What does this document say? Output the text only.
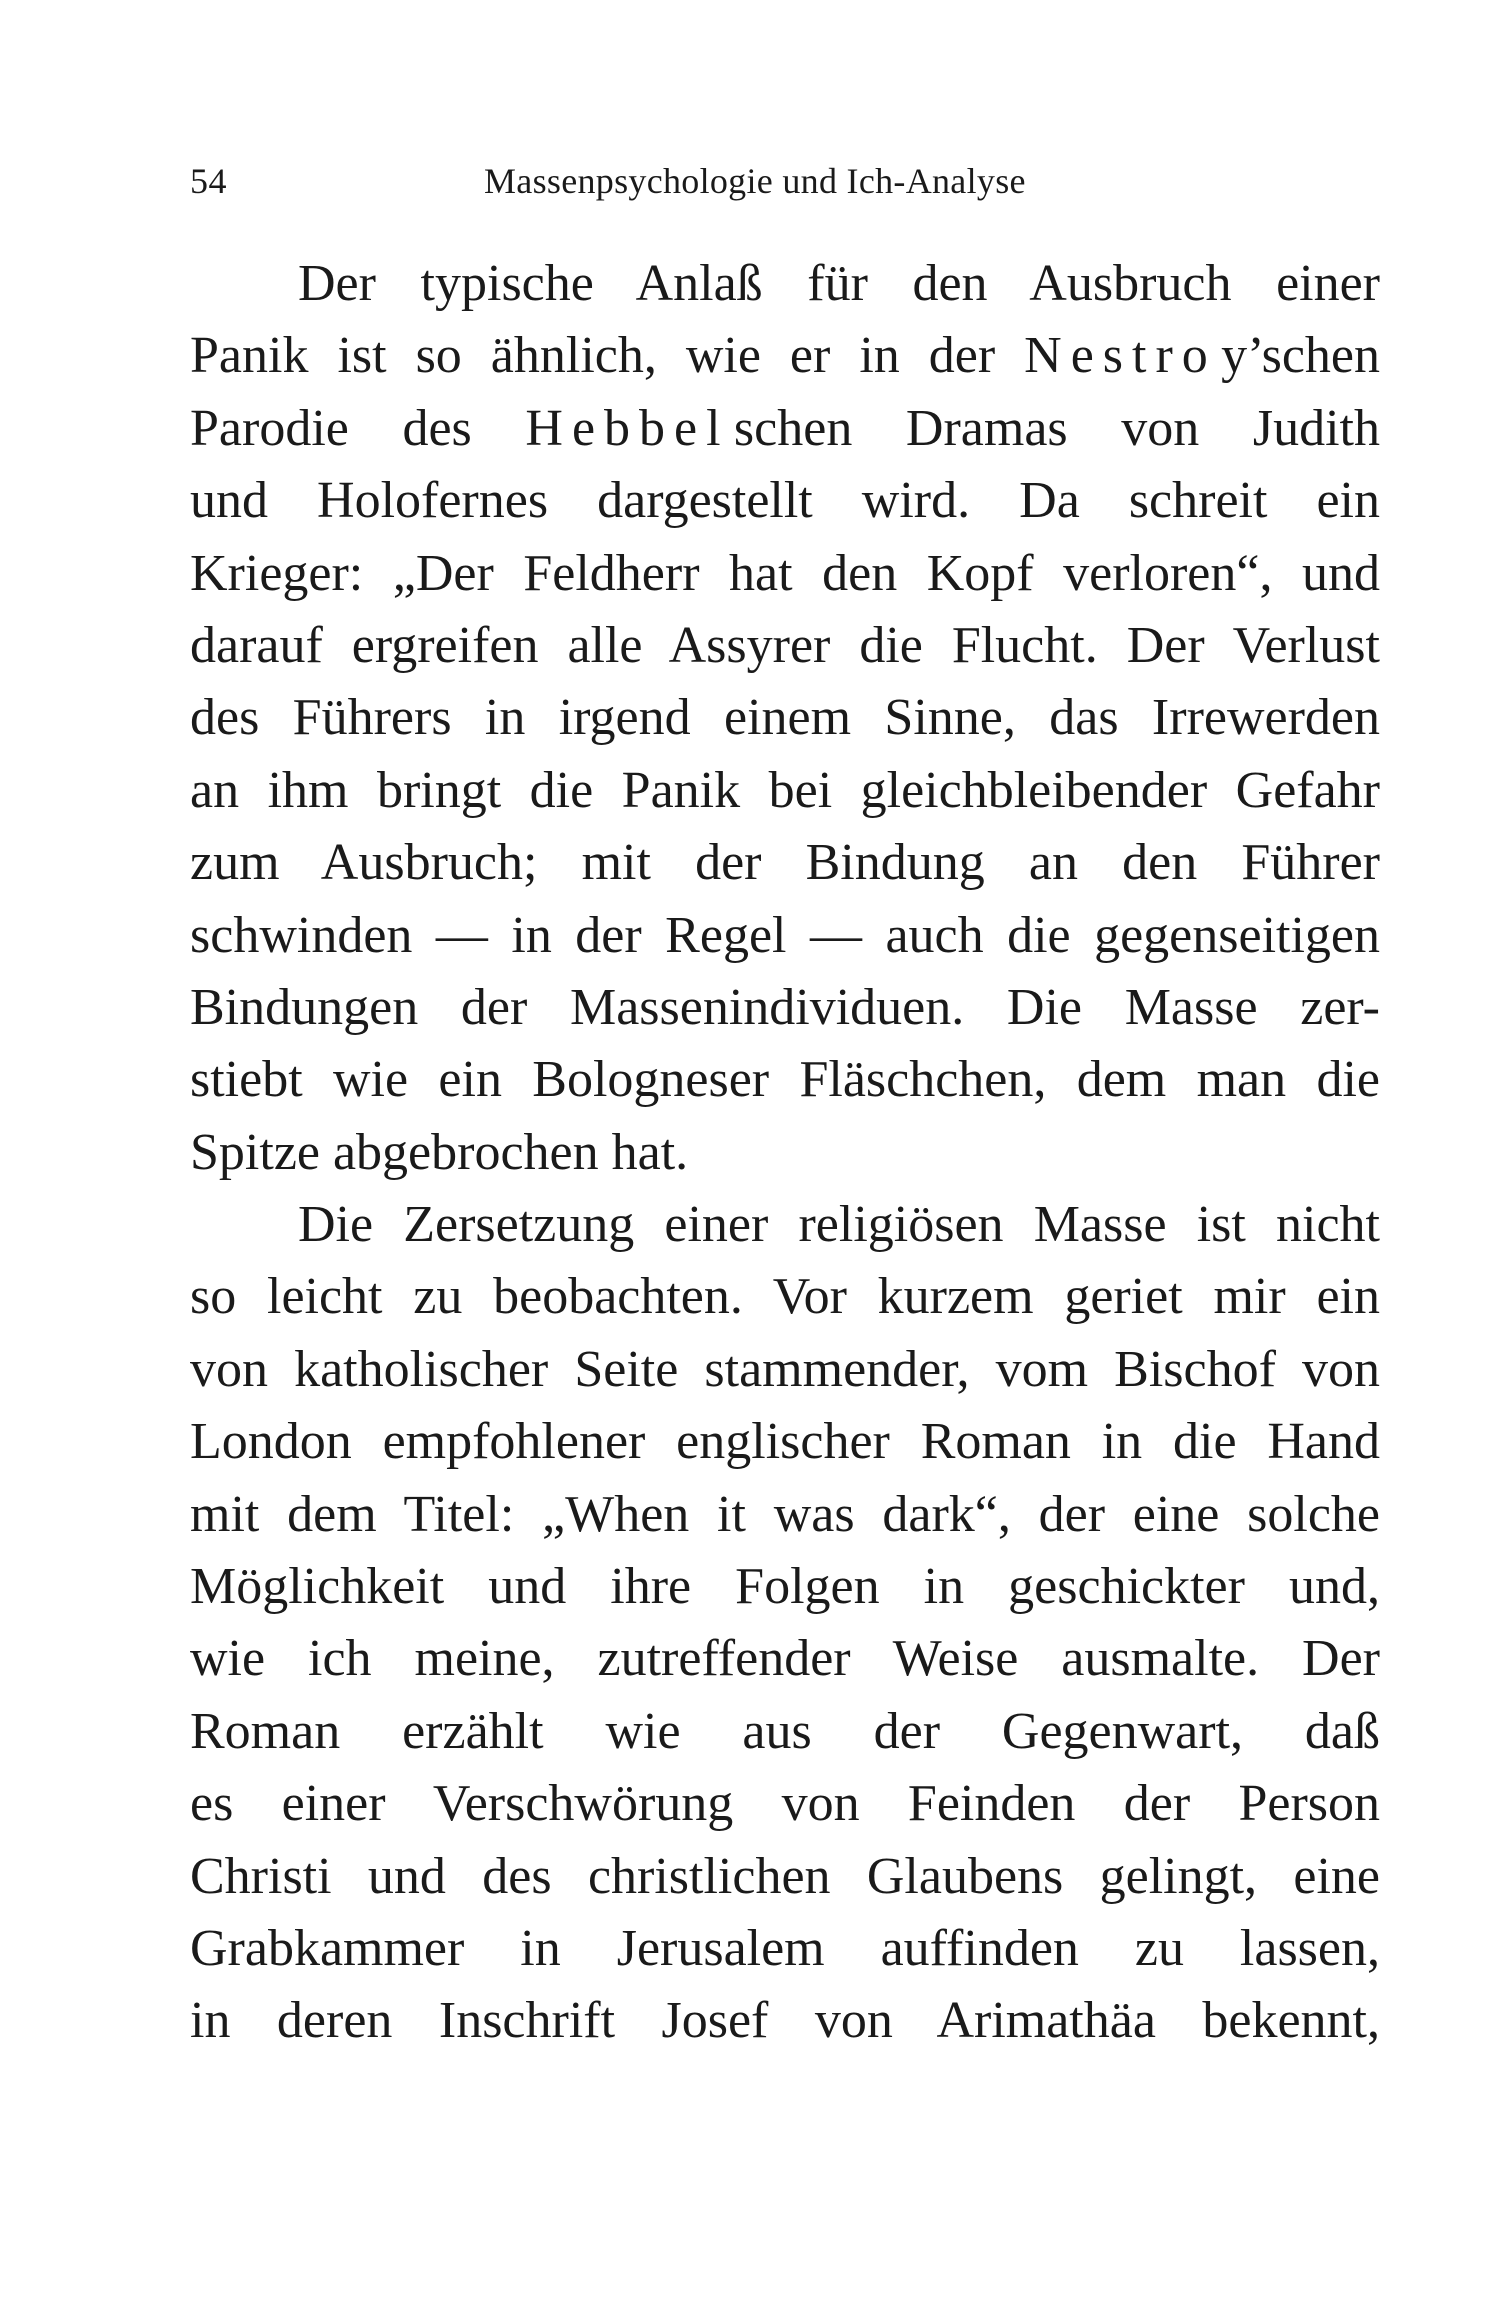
54	Massenpsychologie und Ich-Analyse
Der typische Anlaß für den Ausbruch einer
Panik ist so ähnlich, wie er in der Nestro y’schen
Parodie des Hebbel schen Dramas von Judith
und Holofernes dargestellt wird. Da schreit ein
Krieger: „Der Feldherr hat den Kopf verloren“, und
darauf ergreifen alle Assyrer die Flucht. Der Verlust
des Führers in irgend einem Sinne, das Irrewerden
an ihm bringt die Panik bei gleichbleibender Gefahr
zum Ausbruch; mit der Bindung an den Führer
schwinden — in der Regel — auch die gegenseitigen
Bindungen der Massenindividuen. Die Masse zer-
stiebt wie ein Bologneser Fläschchen, dem man die
Spitze abgebrochen hat.
Die Zersetzung einer religiösen Masse ist nicht
so leicht zu beobachten. Vor kurzem geriet mir ein
von katholischer Seite stammender, vom Bischof von
London empfohlener englischer Roman in die Hand
mit dem Titel: „When it was dark“, der eine solche
Möglichkeit und ihre Folgen in geschickter und,
wie ich meine, zutreffender Weise ausmalte. Der
Roman erzählt wie aus der Gegenwart, daß
es einer Verschwörung von Feinden der Person
Christi und des christlichen Glaubens gelingt, eine
Grabkammer in Jerusalem auffinden zu lassen,
in deren Inschrift Josef von Arimathäa bekennt,
